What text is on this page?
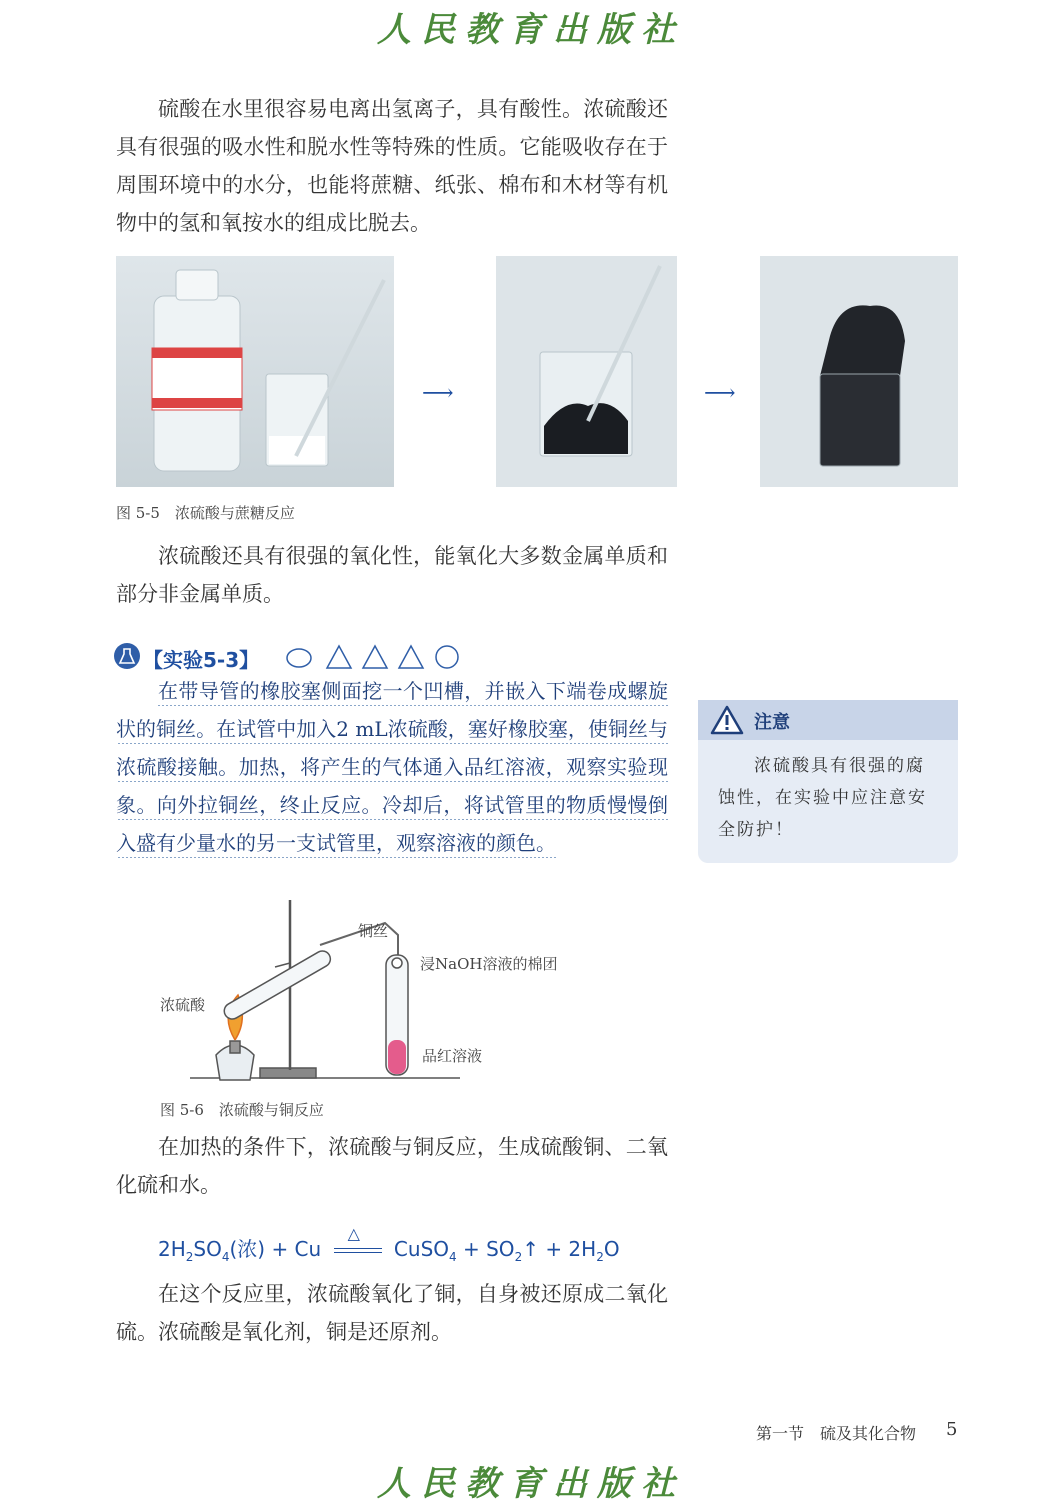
人民教育出版社
硫酸在水里很容易电离出氢离子，具有酸性。浓硫酸还具有很强的吸水性和脱水性等特殊的性质。它能吸收存在于周围环境中的水分，也能将蔗糖、纸张、棉布和木材等有机物中的氢和氧按水的组成比脱去。
⟶	⟶
图 5-5　浓硫酸与蔗糖反应
浓硫酸还具有很强的氧化性，能氧化大多数金属单质和部分非金属单质。
【实验5-3】
在带导管的橡胶塞侧面挖一个凹槽，并嵌入下端卷成螺旋状的铜丝。在试管中加入2 mL浓硫酸，塞好橡胶塞，使铜丝与浓硫酸接触。加热，将产生的气体通入品红溶液，观察实验现象。向外拉铜丝，终止反应。冷却后，将试管里的物质慢慢倒入盛有少量水的另一支试管里，观察溶液的颜色。
注意
浓硫酸具有很强的腐蚀性，在实验中应注意安全防护！
铜丝
浸NaOH溶液的棉团
浓硫酸
品红溶液
图 5-6　浓硫酸与铜反应
在加热的条件下，浓硫酸与铜反应，生成硫酸铜、二氧化硫和水。
$2H_2SO_4$(浓) + Cu
△
CuSO$_4$ + $SO_2↑ + 2H_2O$
在这个反应里，浓硫酸氧化了铜，自身被还原成二氧化硫。浓硫酸是氧化剂，铜是还原剂。
第一节　硫及其化合物 5
人民教育出版社
